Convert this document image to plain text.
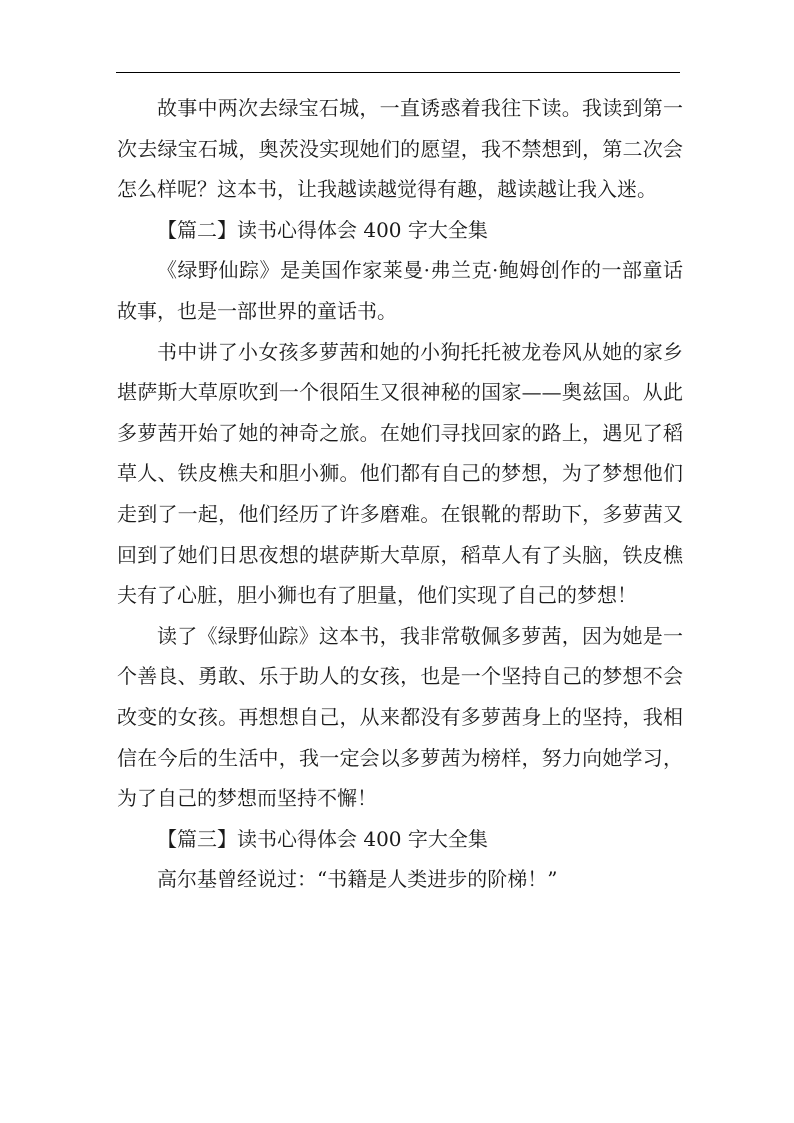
故事中两次去绿宝石城，一直诱惑着我往下读。我读到第一次去绿宝石城，奥茨没实现她们的愿望，我不禁想到，第二次会怎么样呢？这本书，让我越读越觉得有趣，越读越让我入迷。

【篇二】读书心得体会 400 字大全集

《绿野仙踪》是美国作家莱曼·弗兰克·鲍姆创作的一部童话故事，也是一部世界的童话书。

书中讲了小女孩多萝茜和她的小狗托托被龙卷风从她的家乡堪萨斯大草原吹到一个很陌生又很神秘的国家——奥兹国。从此多萝茜开始了她的神奇之旅。在她们寻找回家的路上，遇见了稻草人、铁皮樵夫和胆小狮。他们都有自己的梦想，为了梦想他们走到了一起，他们经历了许多磨难。在银靴的帮助下，多萝茜又回到了她们日思夜想的堪萨斯大草原，稻草人有了头脑，铁皮樵夫有了心脏，胆小狮也有了胆量，他们实现了自己的梦想！

读了《绿野仙踪》这本书，我非常敬佩多萝茜，因为她是一个善良、勇敢、乐于助人的女孩，也是一个坚持自己的梦想不会改变的女孩。再想想自己，从来都没有多萝茜身上的坚持，我相信在今后的生活中，我一定会以多萝茜为榜样，努力向她学习，为了自己的梦想而坚持不懈！

【篇三】读书心得体会 400 字大全集

高尔基曾经说过：“书籍是人类进步的阶梯！”
